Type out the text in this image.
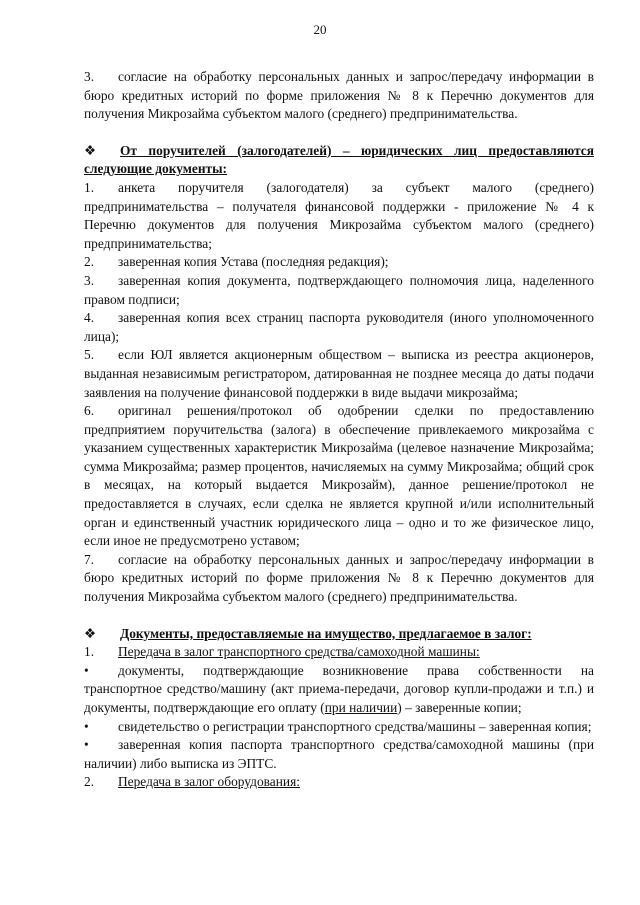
20

3. согласие на обработку персональных данных и запрос/передачу информации в бюро кредитных историй по форме приложения № 8 к Перечню документов для получения Микрозайма субъектом малого (среднего) предпринимательства.

❖ От поручителей (залогодателей) – юридических лиц предоставляются следующие документы:

1. анкета поручителя (залогодателя) за субъект малого (среднего) предпринимательства – получателя финансовой поддержки - приложение № 4 к Перечню документов для получения Микрозайма субъектом малого (среднего) предпринимательства;

2. заверенная копия Устава (последняя редакция);

3. заверенная копия документа, подтверждающего полномочия лица, наделенного правом подписи;

4. заверенная копия всех страниц паспорта руководителя (иного уполномоченного лица);

5. если ЮЛ является акционерным обществом – выписка из реестра акционеров, выданная независимым регистратором, датированная не позднее месяца до даты подачи заявления на получение финансовой поддержки в виде выдачи микрозайма;

6. оригинал решения/протокол об одобрении сделки по предоставлению предприятием поручительства (залога) в обеспечение привлекаемого микрозайма с указанием существенных характеристик Микрозайма (целевое назначение Микрозайма; сумма Микрозайма; размер процентов, начисляемых на сумму Микрозайма; общий срок в месяцах, на который выдается Микрозайм), данное решение/протокол не предоставляется в случаях, если сделка не является крупной и/или исполнительный орган и единственный участник юридического лица – одно и то же физическое лицо, если иное не предусмотрено уставом;

7. согласие на обработку персональных данных и запрос/передачу информации в бюро кредитных историй по форме приложения № 8 к Перечню документов для получения Микрозайма субъектом малого (среднего) предпринимательства.

❖ Документы, предоставляемые на имущество, предлагаемое в залог:

1. Передача в залог транспортного средства/самоходной машины:

• документы, подтверждающие возникновение права собственности на транспортное средство/машину (акт приема-передачи, договор купли-продажи и т.п.) и документы, подтверждающие его оплату (при наличии) – заверенные копии;

• свидетельство о регистрации транспортного средства/машины – заверенная копия;

• заверенная копия паспорта транспортного средства/самоходной машины (при наличии) либо выписка из ЭПТС.

2. Передача в залог оборудования:
